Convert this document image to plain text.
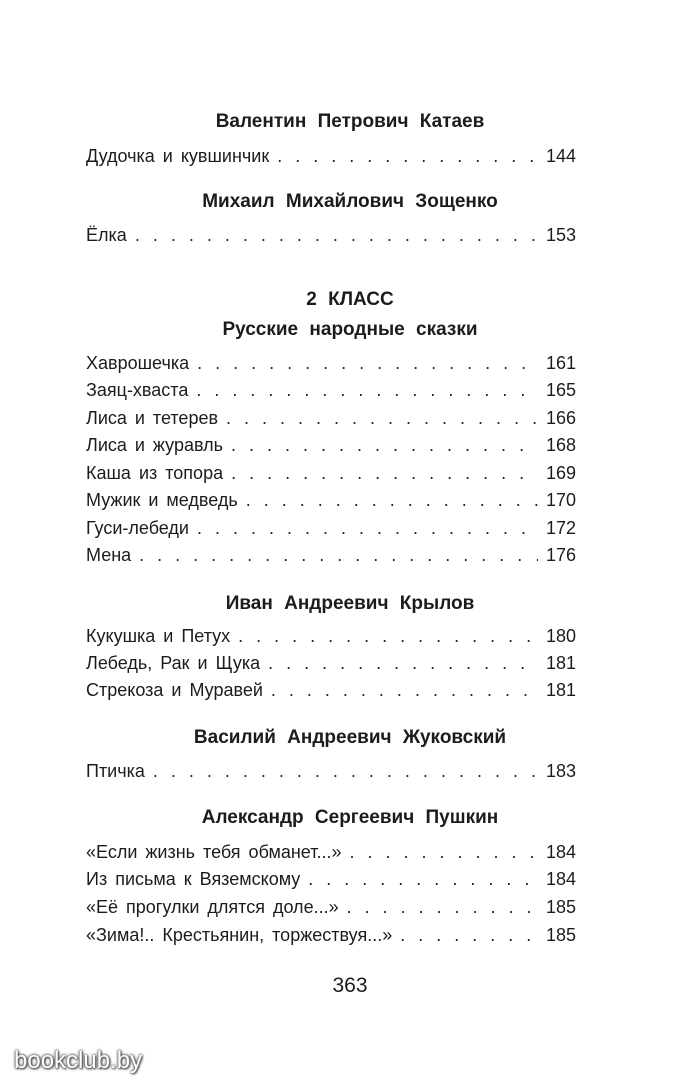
Валентин Петрович Катаев
Дудочка и кувшинчик . . .	144
Михаил Михайлович Зощенко
Ёлка . . .	153
2 КЛАСС
Русские народные сказки
Хаврошечка . . .	161
Заяц-хваста . . .	165
Лиса и тетерев . . .	166
Лиса и журавль . . .	168
Каша из топора . . .	169
Мужик и медведь . . .	170
Гуси-лебеди . . .	172
Мена . . .	176
Иван Андреевич Крылов
Кукушка и Петух . . .	180
Лебедь, Рак и Щука . . .	181
Стрекоза и Муравей . . .	181
Василий Андреевич Жуковский
Птичка . . .	183
Александр Сергеевич Пушкин
«Если жизнь тебя обманет...» . . .	184
Из письма к Вяземскому . . .	184
«Её прогулки длятся доле...» . . .	185
«Зима!.. Крестьянин, торжествуя...» . . .	185
363
bookclub.by
